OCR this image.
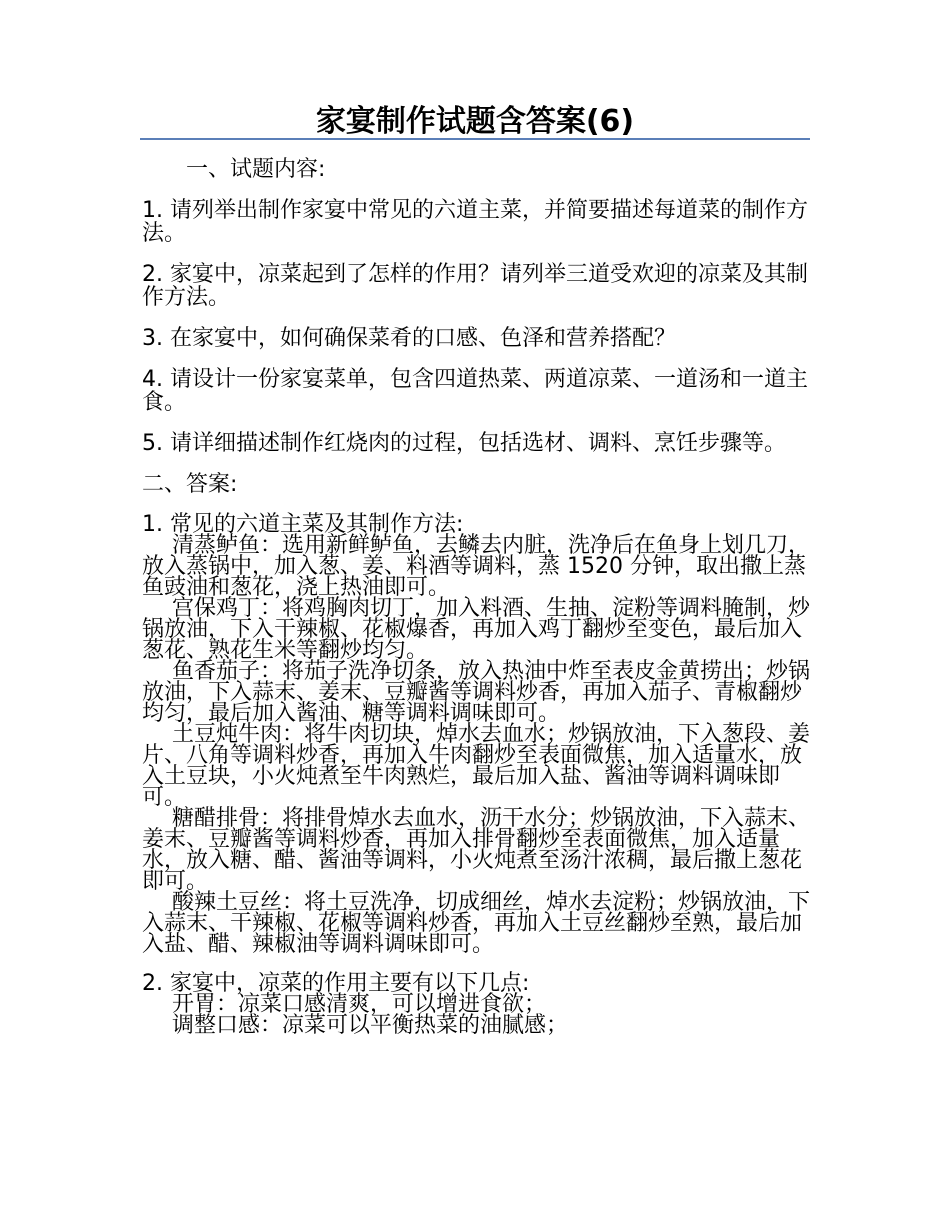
家宴制作试题含答案(6)

一、试题内容:

1. 请列举出制作家宴中常见的六道主菜，并简要描述每道菜的制作方法。

2. 家宴中，凉菜起到了怎样的作用？请列举三道受欢迎的凉菜及其制作方法。

3. 在家宴中，如何确保菜肴的口感、色泽和营养搭配？

4. 请设计一份家宴菜单，包含四道热菜、两道凉菜、一道汤和一道主食。

5. 请详细描述制作红烧肉的过程，包括选材、调料、烹饪步骤等。

二、答案:

1. 常见的六道主菜及其制作方法:

清蒸鲈鱼：选用新鲜鲈鱼，去鳞去内脏，洗净后在鱼身上划几刀，放入蒸锅中，加入葱、姜、料酒等调料，蒸 1520 分钟，取出撒上蒸鱼豉油和葱花，浇上热油即可。

宫保鸡丁：将鸡胸肉切丁，加入料酒、生抽、淀粉等调料腌制，炒锅放油，下入干辣椒、花椒爆香，再加入鸡丁翻炒至变色，最后加入葱花、熟花生米等翻炒均匀。

鱼香茄子：将茄子洗净切条，放入热油中炸至表皮金黄捞出；炒锅放油，下入蒜末、姜末、豆瓣酱等调料炒香，再加入茄子、青椒翻炒均匀，最后加入酱油、糖等调料调味即可。

土豆炖牛肉：将牛肉切块，焯水去血水；炒锅放油，下入葱段、姜片、八角等调料炒香，再加入牛肉翻炒至表面微焦，加入适量水，放入土豆块，小火炖煮至牛肉熟烂，最后加入盐、酱油等调料调味即可。

糖醋排骨：将排骨焯水去血水，沥干水分；炒锅放油，下入蒜末、姜末、豆瓣酱等调料炒香，再加入排骨翻炒至表面微焦，加入适量水，放入糖、醋、酱油等调料，小火炖煮至汤汁浓稠，最后撒上葱花即可。

酸辣土豆丝：将土豆洗净，切成细丝，焯水去淀粉；炒锅放油，下入蒜末、干辣椒、花椒等调料炒香，再加入土豆丝翻炒至熟，最后加入盐、醋、辣椒油等调料调味即可。

2. 家宴中，凉菜的作用主要有以下几点:

开胃：凉菜口感清爽，可以增进食欲；

调整口感：凉菜可以平衡热菜的油腻感；
